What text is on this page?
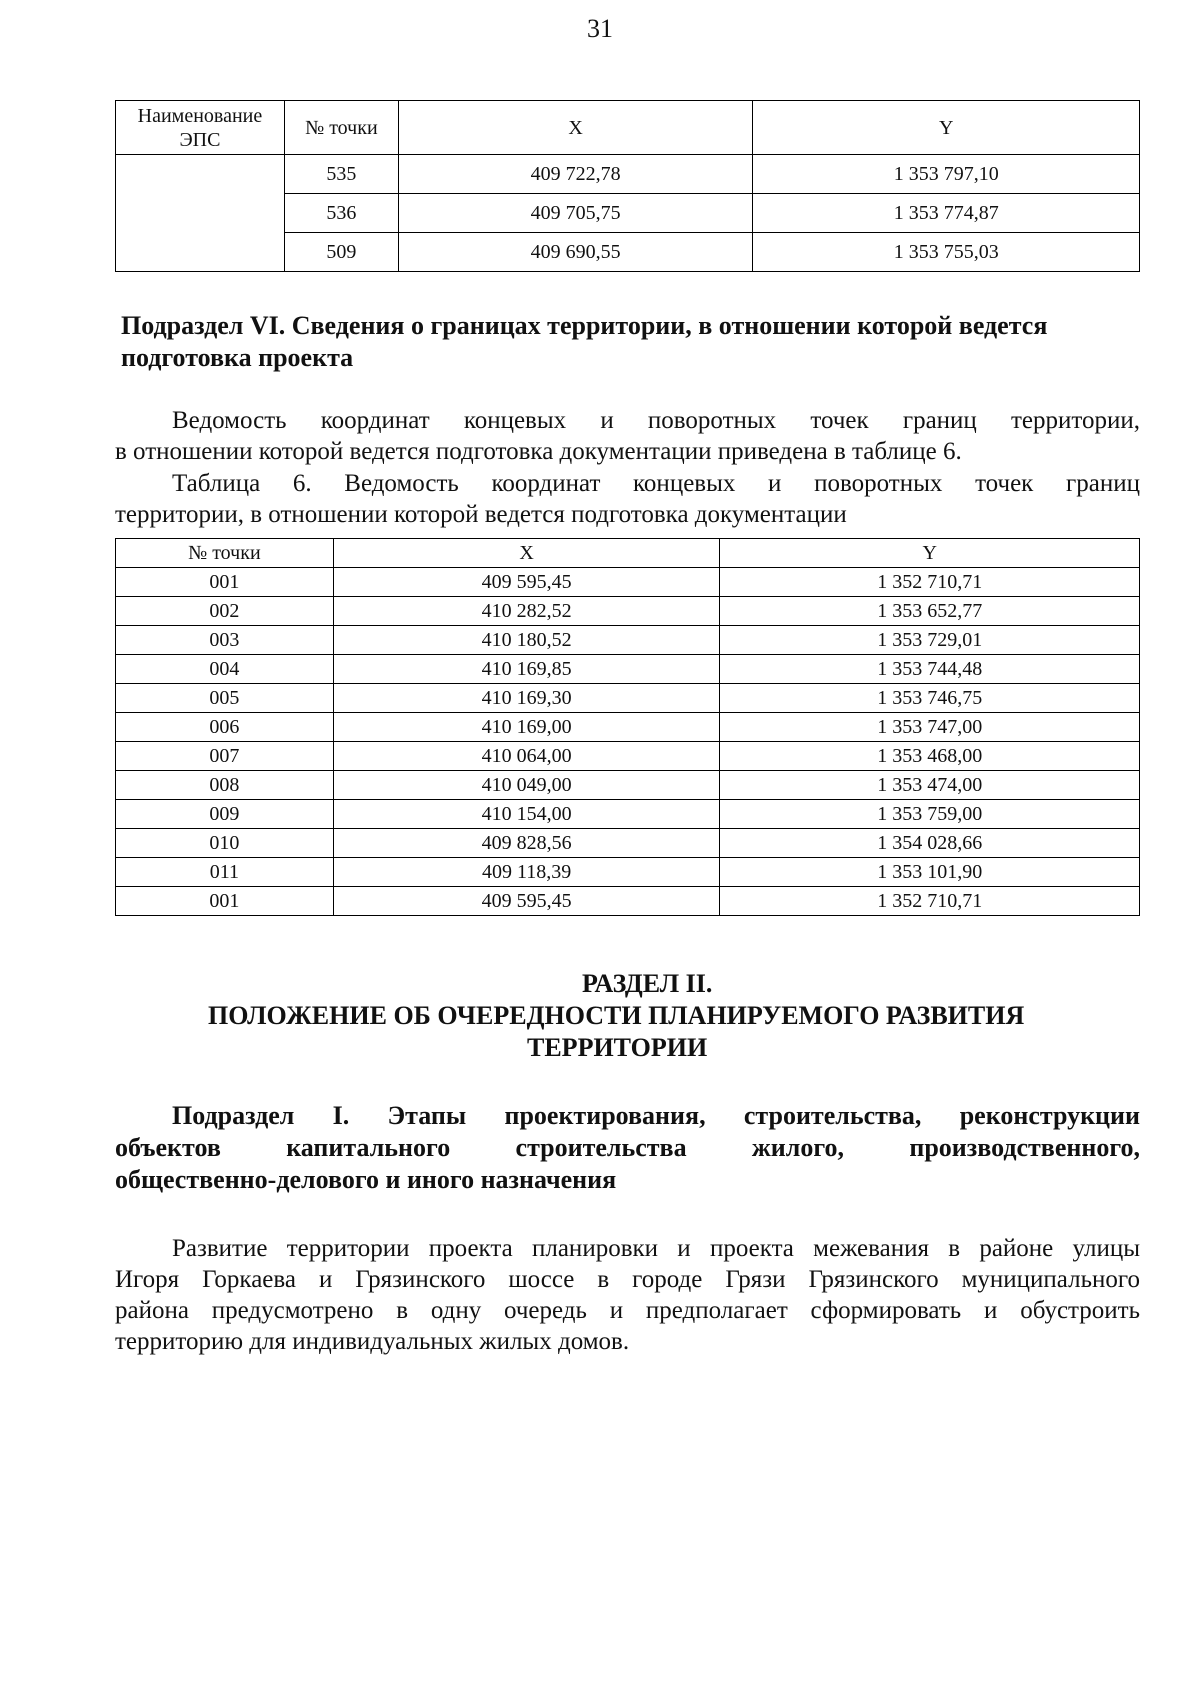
31
Наименование ЭПС	№ точки	X	Y
	535	409 722,78	1 353 797,10
	536	409 705,75	1 353 774,87
	509	409 690,55	1 353 755,03
Подраздел VI. Сведения о границах территории, в отношении которой ведется
подготовка проекта
Ведомость координат концевых и поворотных точек границ территории,
в отношении которой ведется подготовка документации приведена в таблице 6.
Таблица 6. Ведомость координат концевых и поворотных точек границ
территории, в отношении которой ведется подготовка документации
№ точки	X	Y
001	409 595,45	1 352 710,71
002	410 282,52	1 353 652,77
003	410 180,52	1 353 729,01
004	410 169,85	1 353 744,48
005	410 169,30	1 353 746,75
006	410 169,00	1 353 747,00
007	410 064,00	1 353 468,00
008	410 049,00	1 353 474,00
009	410 154,00	1 353 759,00
010	409 828,56	1 354 028,66
011	409 118,39	1 353 101,90
001	409 595,45	1 352 710,71
РАЗДЕЛ II.
ПОЛОЖЕНИЕ ОБ ОЧЕРЕДНОСТИ ПЛАНИРУЕМОГО РАЗВИТИЯ
ТЕРРИТОРИИ
Подраздел I. Этапы проектирования, строительства, реконструкции
объектов капитального строительства жилого, производственного,
общественно-делового и иного назначения
Развитие территории проекта планировки и проекта межевания в районе улицы
Игоря Горкаева и Грязинского шоссе в городе Грязи Грязинского муниципального
района предусмотрено в одну очередь и предполагает сформировать и обустроить
территорию для индивидуальных жилых домов.
